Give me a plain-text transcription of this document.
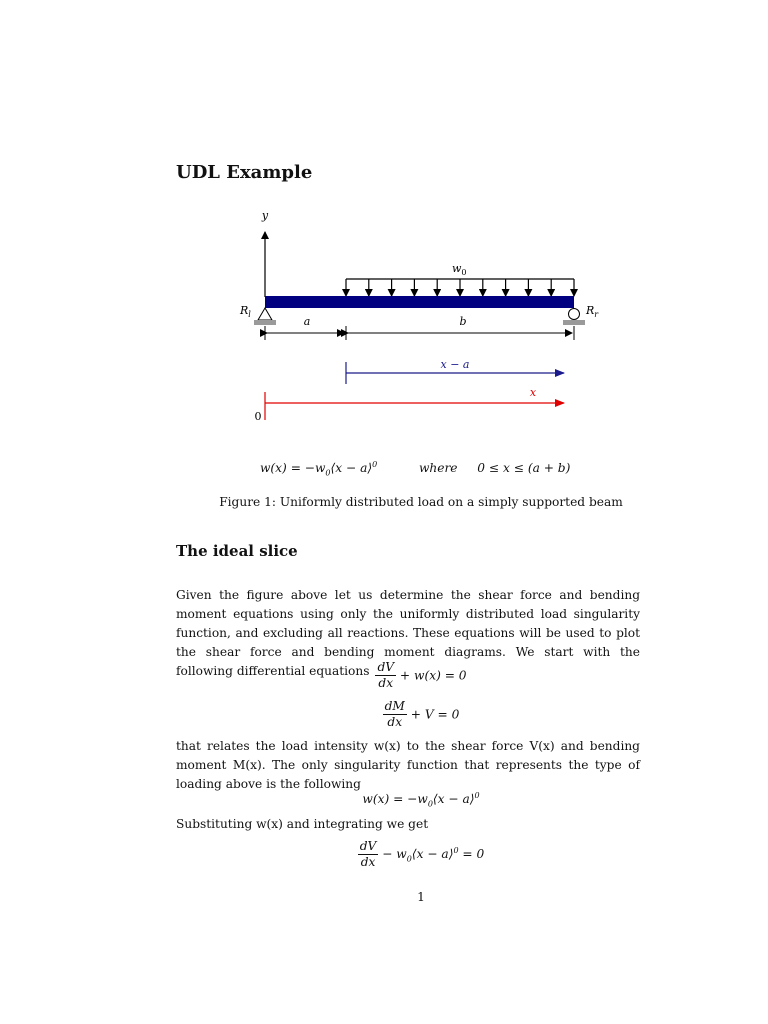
UDL Example
y
$w_0$
$R_l$	$R_r$
a	b
x − a
x
0
$w(x) = -w_0⟨x$ − a⟩$^0$	where 0 ≤ x ≤ (a + b)
Figure 1: Uniformly distributed load on a simply supported beam
The ideal slice
Given the figure above let us determine the shear force and bending moment equations using only the uniformly distributed load singularity function, and excluding all reactions. These equations will be used to plot the shear force and bending moment diagrams. We start with the following differential equations $\frac{dV}{dx} + w(x) = 0$
$\frac{dM}{dx} + V = 0$
that relates the load intensity w(x) to the shear force V(x) and bending moment M(x). The only singularity function that represents the type of loading above is the following
$w(x) = -w_0⟨x$ − a⟩$^0$
Substituting w(x) and integrating we get
$\frac{dV}{dx}$ − $w_0⟨x$ − a⟩$^0$ = 0
1
